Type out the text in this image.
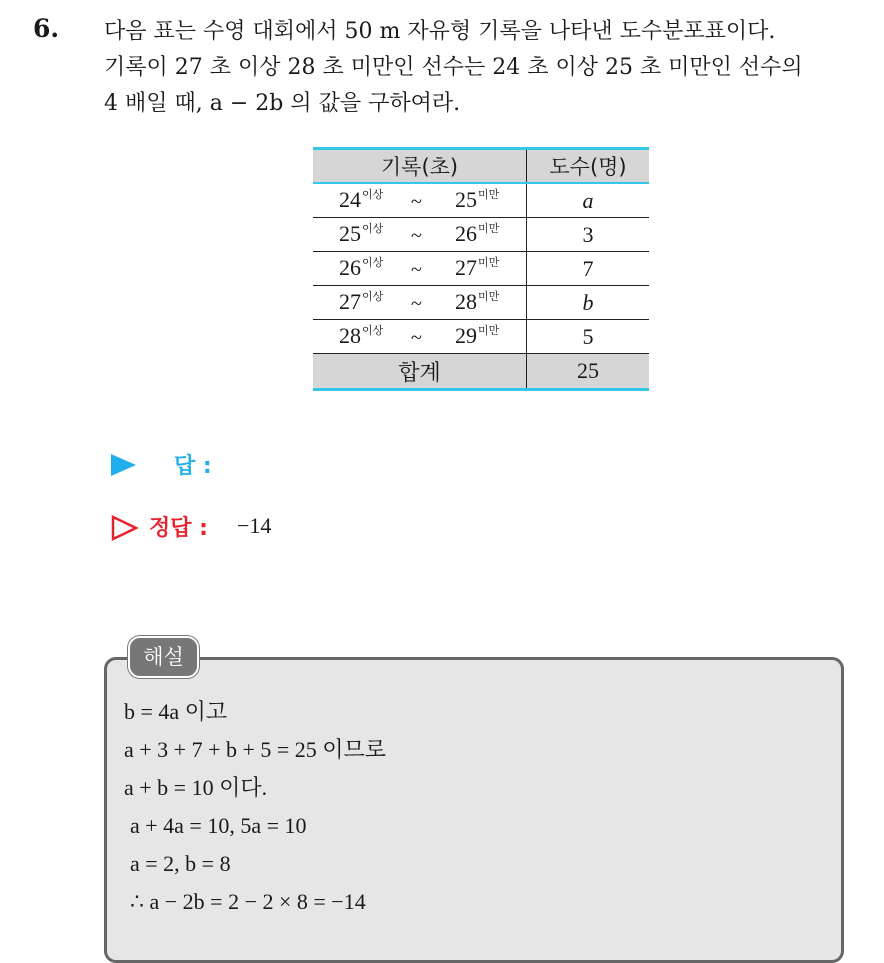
6. 다음 표는 수영 대회에서 50 m 자유형 기록을 나타낸 도수분포표이다.
기록이 27 초 이상 28 초 미만인 선수는 24 초 이상 25 초 미만인 선수의
4 배일 때, a − 2b 의 값을 구하여라.
기록(초)	도수(명)

$24^{이상}$ ~ $25^{미만}$	a

$25^{이상}$ ~ $26^{미만}$	3

$26^{이상}$ ~ $27^{미만}$	7

$27^{이상}$ ~ $28^{미만}$	b

$28^{이상}$ ~ $29^{미만}$	5
합계	25
답 :
정답 : −14
해설
b = 4a 이고
a + 3 + 7 + b + 5 = 25 이므로
a + b = 10 이다.
a + 4a = 10, 5a = 10
a = 2, b = 8
∴ a − 2b = 2 − 2 × 8 = −14
